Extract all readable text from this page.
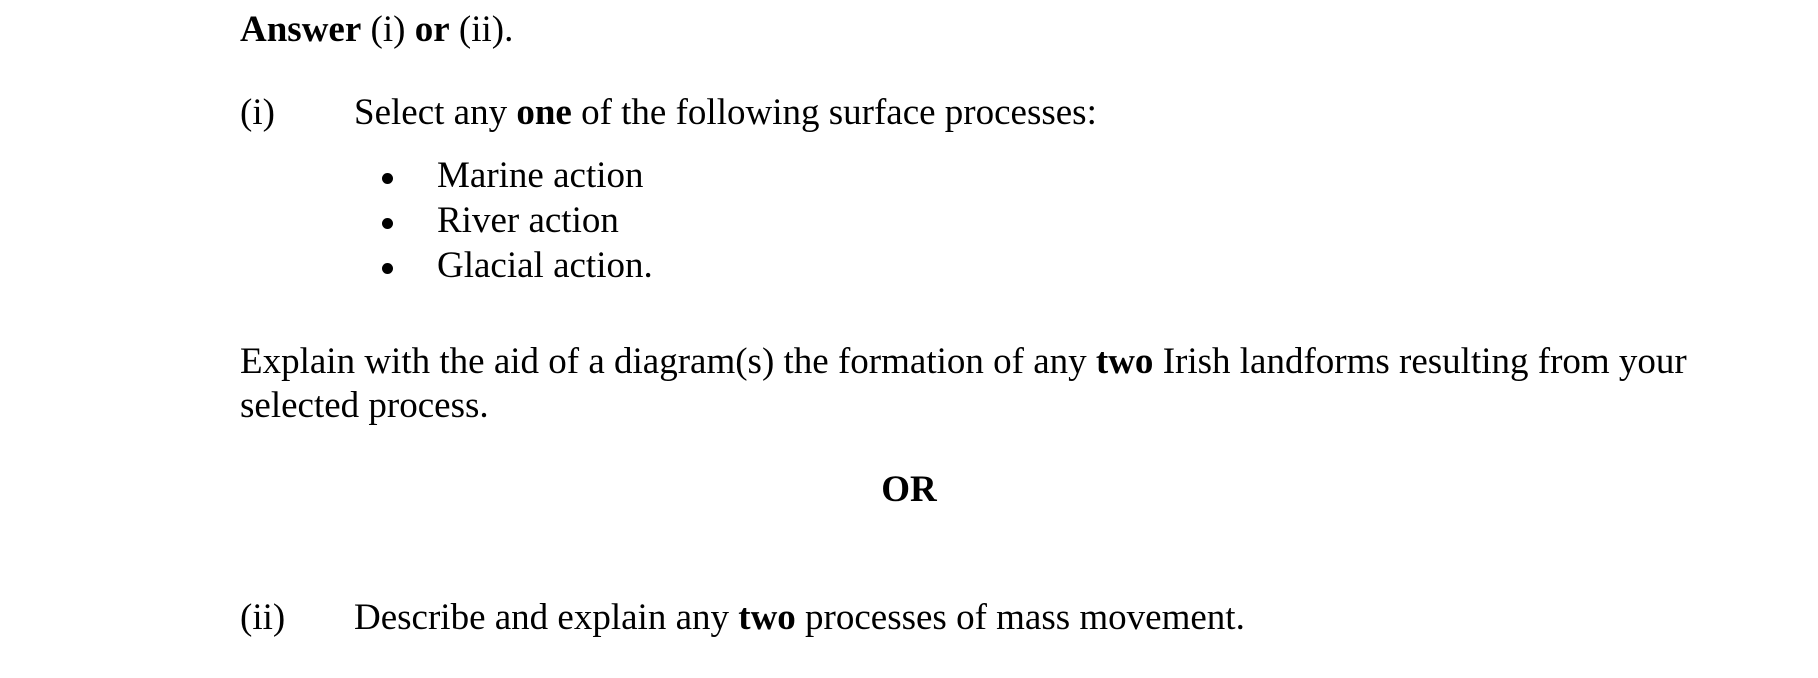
Answer (i) or (ii).

(i)	Select any one of the following surface processes:
Marine action
River action
Glacial action.

Explain with the aid of a diagram(s) the formation of any two Irish landforms resulting from your selected process.

OR

(ii)	Describe and explain any two processes of mass movement.
